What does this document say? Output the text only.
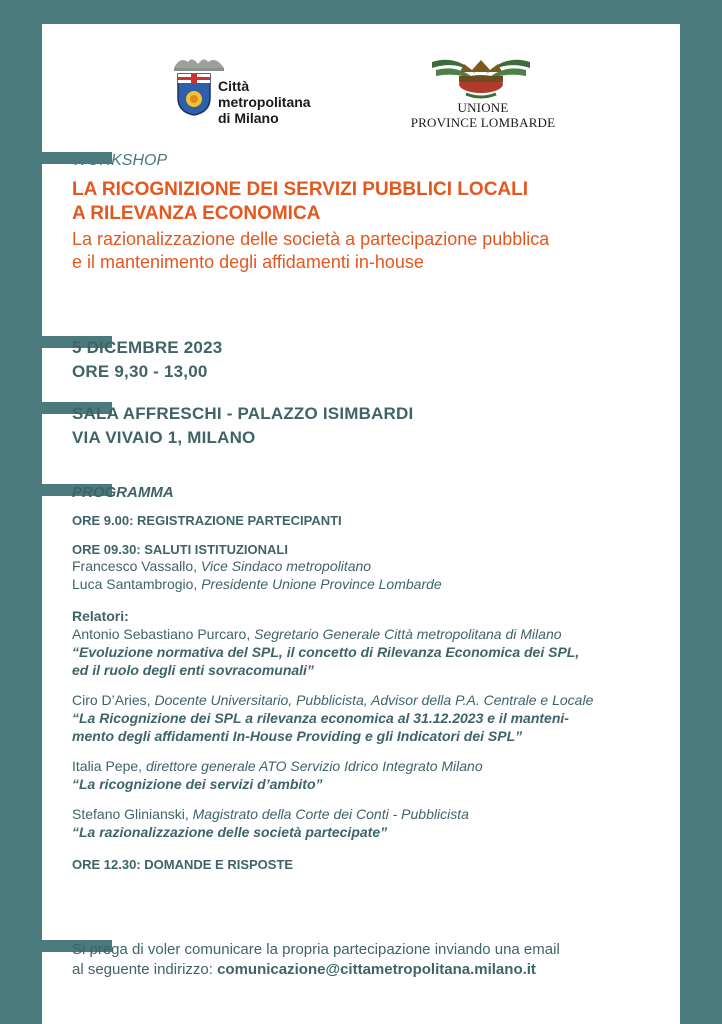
Città
metropolitana
di Milano
UNIONE
PROVINCE LOMBARDE
WORKSHOP
LA RICOGNIZIONE DEI SERVIZI PUBBLICI LOCALI
A RILEVANZA ECONOMICA
La razionalizzazione delle società a partecipazione pubblica
e il mantenimento degli affidamenti in-house
5 DICEMBRE 2023
ORE 9,30 - 13,00
SALA AFFRESCHI - PALAZZO ISIMBARDI
VIA VIVAIO 1, MILANO
PROGRAMMA
ORE 9.00: REGISTRAZIONE PARTECIPANTI
ORE 09.30: SALUTI ISTITUZIONALI
Francesco Vassallo, Vice Sindaco metropolitano
Luca Santambrogio, Presidente Unione Province Lombarde
Relatori:
Antonio Sebastiano Purcaro, Segretario Generale Città metropolitana di Milano
“Evoluzione normativa del SPL, il concetto di Rilevanza Economica dei SPL,
ed il ruolo degli enti sovracomunali”
Ciro D’Aries, Docente Universitario, Pubblicista, Advisor della P.A. Centrale e Locale
“La Ricognizione dei SPL a rilevanza economica al 31.12.2023 e il manteni-
mento degli affidamenti In-House Providing e gli Indicatori dei SPL”
Italia Pepe, direttore generale ATO Servizio Idrico Integrato Milano
“La ricognizione dei servizi d’ambito”
Stefano Glinianski, Magistrato della Corte dei Conti - Pubblicista
“La razionalizzazione delle società partecipate”
ORE 12.30: DOMANDE E RISPOSTE
Si prega di voler comunicare la propria partecipazione inviando una email
al seguente indirizzo: comunicazione@cittametropolitana.milano.it
